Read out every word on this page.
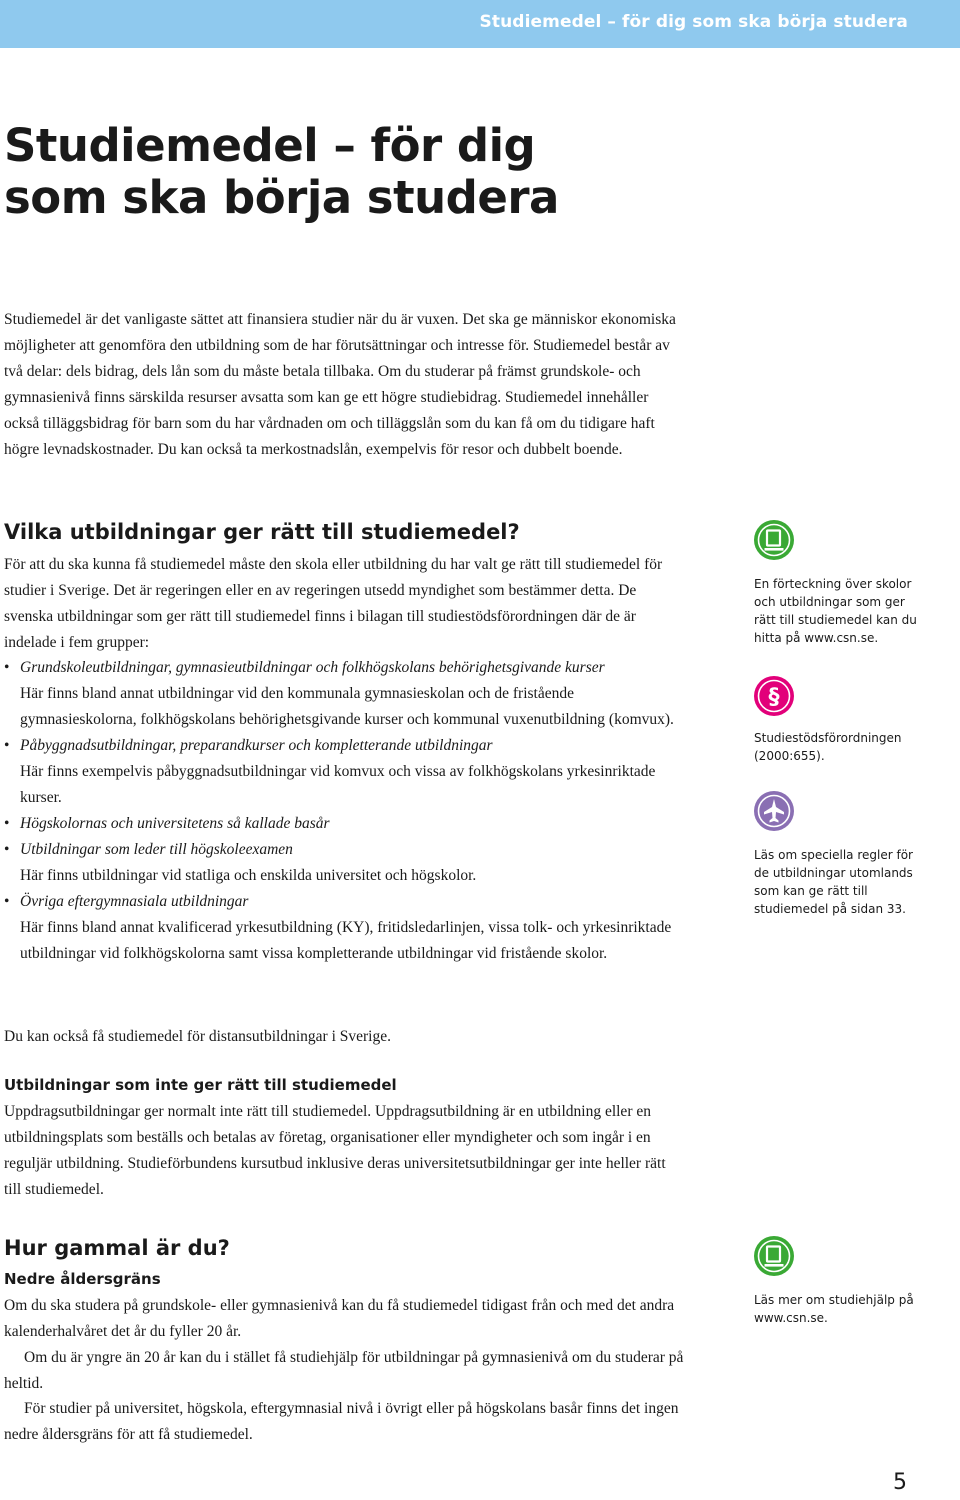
Studiemedel – för dig som ska börja studera
Studiemedel – för dig
som ska börja studera

Studiemedel är det vanligaste sättet att finansiera studier när du är vuxen. Det ska ge människor ekonomiska möjligheter att genomföra den utbildning som de har förutsättningar och intresse för. Studiemedel består av två delar: dels bidrag, dels lån som du måste betala tillbaka. Om du studerar på främst grundskole- och gymnasienivå finns särskilda resurser avsatta som kan ge ett högre studiebidrag. Studiemedel innehåller också tilläggsbidrag för barn som du har vårdnaden om och tilläggslån som du kan få om du tidigare haft högre levnadskostnader. Du kan också ta merkostnadslån, exempelvis för resor och dubbelt boende.

Vilka utbildningar ger rätt till studiemedel?

För att du ska kunna få studiemedel måste den skola eller utbildning du har valt ge rätt till studiemedel för studier i Sverige. Det är regeringen eller en av regeringen utsedd myndighet som bestämmer detta. De svenska utbildningar som ger rätt till studiemedel finns i bilagan till studiestödsförordningen där de är indelade i fem grupper:

• Grundskoleutbildningar, gymnasieutbildningar och folkhögskolans behörighetsgivande kurser
Här finns bland annat utbildningar vid den kommunala gymnasieskolan och de fristående gymnasieskolorna, folkhögskolans behörighetsgivande kurser och kommunal vuxenutbildning (komvux).
• Påbyggnadsutbildningar, preparandkurser och kompletterande utbildningar
Här finns exempelvis påbyggnadsutbildningar vid komvux och vissa av folkhögskolans yrkesinriktade kurser.
• Högskolornas och universitetens så kallade basår
• Utbildningar som leder till högskoleexamen
Här finns utbildningar vid statliga och enskilda universitet och högskolor.
• Övriga eftergymnasiala utbildningar
Här finns bland annat kvalificerad yrkesutbildning (KY), fritidsledarlinjen, vissa tolk- och yrkesinriktade utbildningar vid folkhögskolorna samt vissa kompletterande utbildningar vid fristående skolor.

Du kan också få studiemedel för distansutbildningar i Sverige.

Utbildningar som inte ger rätt till studiemedel

Uppdragsutbildningar ger normalt inte rätt till studiemedel. Uppdragsutbildning är en utbildning eller en utbildningsplats som beställs och betalas av företag, organisationer eller myndigheter och som ingår i en reguljär utbildning. Studieförbundens kursutbud inklusive deras universitetsutbildningar ger inte heller rätt till studiemedel.

Hur gammal är du?
Nedre åldersgräns

Om du ska studera på grundskole- eller gymnasienivå kan du få studiemedel tidigast från och med det andra kalenderhalvåret det år du fyller 20 år.

Om du är yngre än 20 år kan du i stället få studiehjälp för utbildningar på gymnasienivå om du studerar på heltid.

För studier på universitet, högskola, eftergymnasial nivå i övrigt eller på högskolans basår finns det ingen nedre åldersgräns för att få studiemedel.

En förteckning över skolor och utbildningar som ger rätt till studiemedel kan du hitta på www.csn.se.

§

Studiestödsförordningen (2000:655).

Läs om speciella regler för de utbildningar utomlands som kan ge rätt till studiemedel på sidan 33.

Läs mer om studiehjälp på www.csn.se.

5
